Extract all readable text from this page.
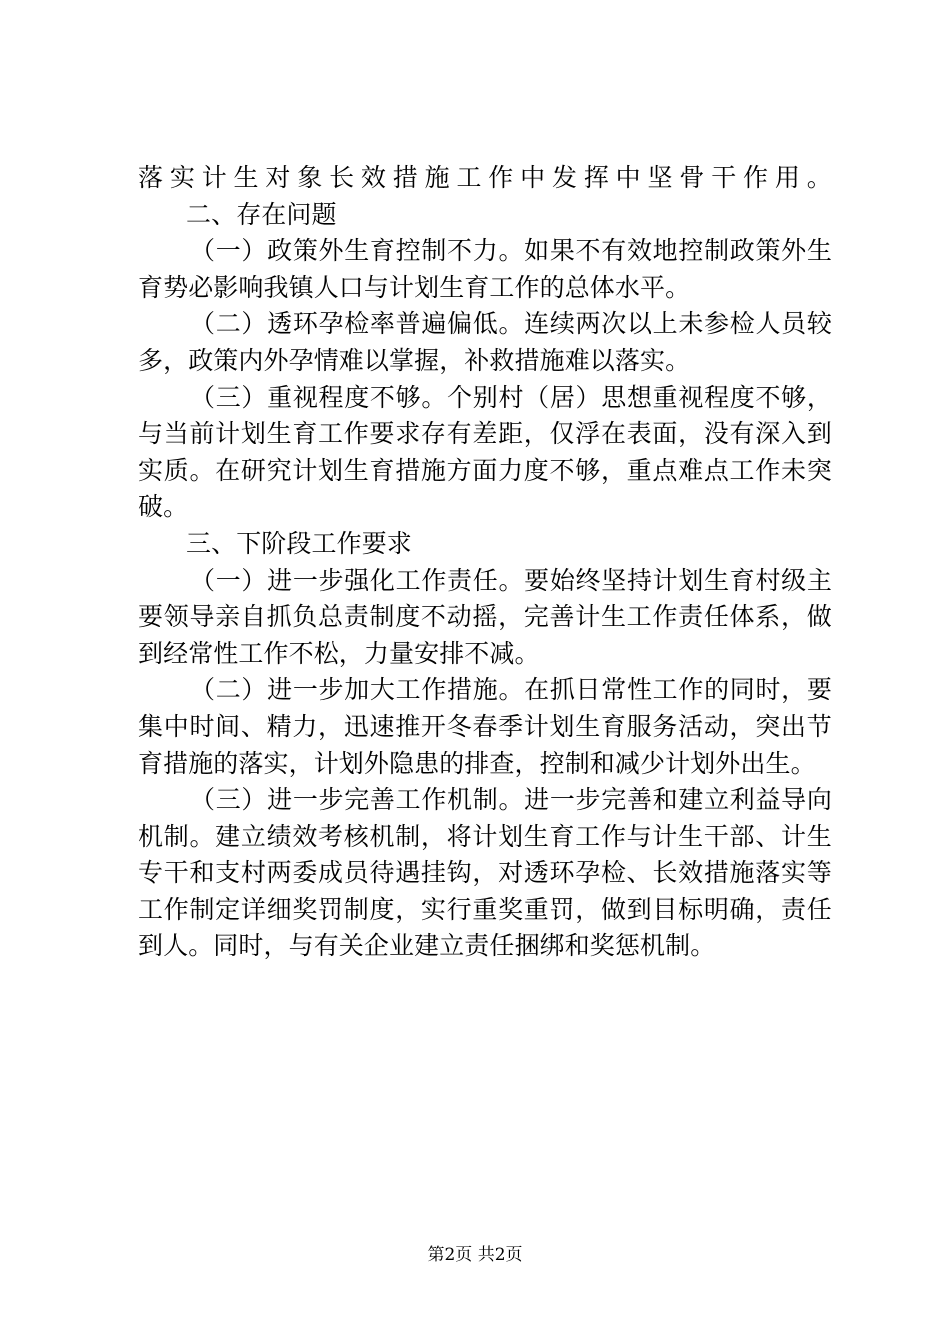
落 实 计 生 对 象 长 效 措 施 工 作 中 发 挥 中 坚 骨 干 作 用 。
二、存在问题
（ 一 ） 政 策 外 生 育 控 制 不 力 。 如 果 不 有 效 地 控 制 政 策 外 生
育势必影响我镇人口与计划生育工作的总体水平。
（ 二 ） 透 环 孕 检 率 普 遍 偏 低 。 连 续 两 次 以 上 未 参 检 人 员 较
多，政策内外孕情难以掌握，补救措施难以落实。
（ 三 ） 重 视 程 度 不 够 。 个 别 村 （ 居 ） 思 想 重 视 程 度 不 够 ，
与 当 前 计 划 生 育 工 作 要 求 存 有 差 距 ， 仅 浮 在 表 面 ， 没 有 深 入 到
实 质 。 在 研 究 计 划 生 育 措 施 方 面 力 度 不 够 ， 重 点 难 点 工 作 未 突
破。
三、下阶段工作要求
（ 一 ） 进 一 步 强 化 工 作 责 任 。 要 始 终 坚 持 计 划 生 育 村 级 主
要 领 导 亲 自 抓 负 总 责 制 度 不 动 摇 ， 完 善 计 生 工 作 责 任 体 系 ， 做
到经常性工作不松，力量安排不减。
（ 二 ） 进 一 步 加 大 工 作 措 施 。 在 抓 日 常 性 工 作 的 同 时 ， 要
集 中 时 间 、 精 力 ， 迅 速 推 开 冬 春 季 计 划 生 育 服 务 活 动 ， 突 出 节
育措施的落实，计划外隐患的排查，控制和减少计划外出生。
（ 三 ） 进 一 步 完 善 工 作 机 制 。 进 一 步 完 善 和 建 立 利 益 导 向
机 制 。 建 立 绩 效 考 核 机 制 ， 将 计 划 生 育 工 作 与 计 生 干 部 、 计 生
专 干 和 支 村 两 委 成 员 待 遇 挂 钩 ， 对 透 环 孕 检 、 长 效 措 施 落 实 等
工 作 制 定 详 细 奖 罚 制 度 ， 实 行 重 奖 重 罚 ， 做 到 目 标 明 确 ， 责 任
到人。同时，与有关企业建立责任捆绑和奖惩机制。
第2页 共2页
